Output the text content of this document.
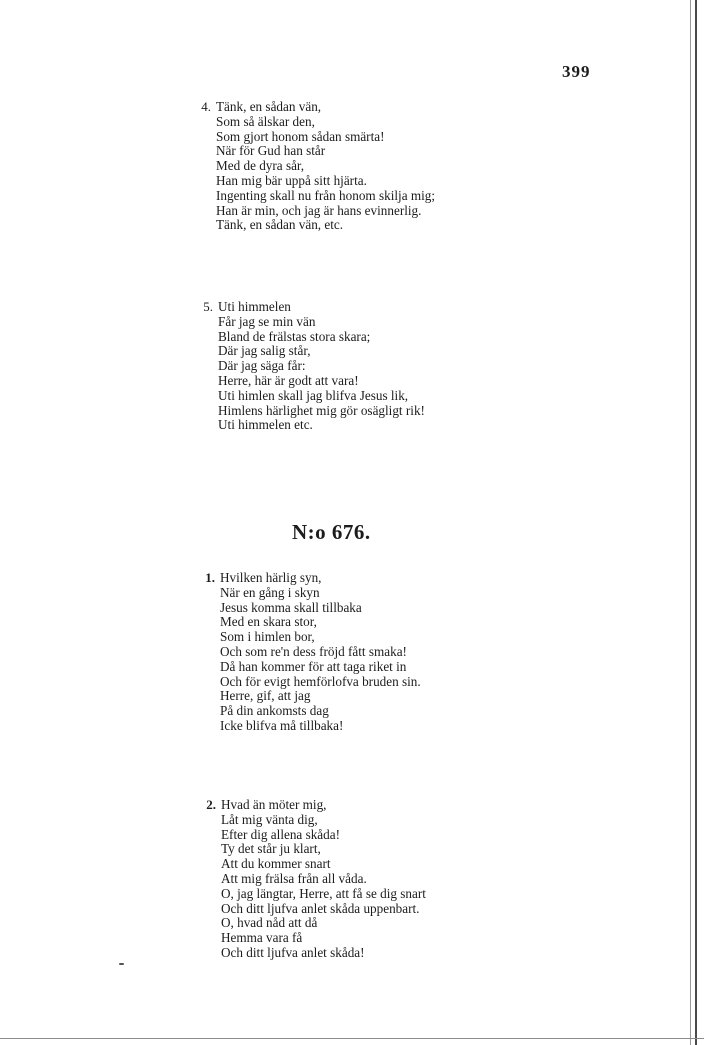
399
4. Tänk, en sådan vän,
Som så älskar den,
Som gjort honom sådan smärta!
När för Gud han står
Med de dyra sår,
Han mig bär uppå sitt hjärta.
Ingenting skall nu från honom skilja mig;
Han är min, och jag är hans evinnerlig.
Tänk, en sådan vän, etc.
5. Uti himmelen
Får jag se min vän
Bland de frälstas stora skara;
Där jag salig står,
Där jag säga får:
Herre, här är godt att vara!
Uti himlen skall jag blifva Jesus lik,
Himlens härlighet mig gör osägligt rik!
Uti himmelen etc.
N:o 676.
1. Hvilken härlig syn,
När en gång i skyn
Jesus komma skall tillbaka
Med en skara stor,
Som i himlen bor,
Och som re'n dess fröjd fått smaka!
Då han kommer för att taga riket in
Och för evigt hemförlofva bruden sin.
Herre, gif, att jag
På din ankomsts dag
Icke blifva må tillbaka!
2. Hvad än möter mig,
Låt mig vänta dig,
Efter dig allena skåda!
Ty det står ju klart,
Att du kommer snart
Att mig frälsa från all våda.
O, jag längtar, Herre, att få se dig snart
Och ditt ljufva anlet skåda uppenbart.
O, hvad nåd att då
Hemma vara få
Och ditt ljufva anlet skåda!
